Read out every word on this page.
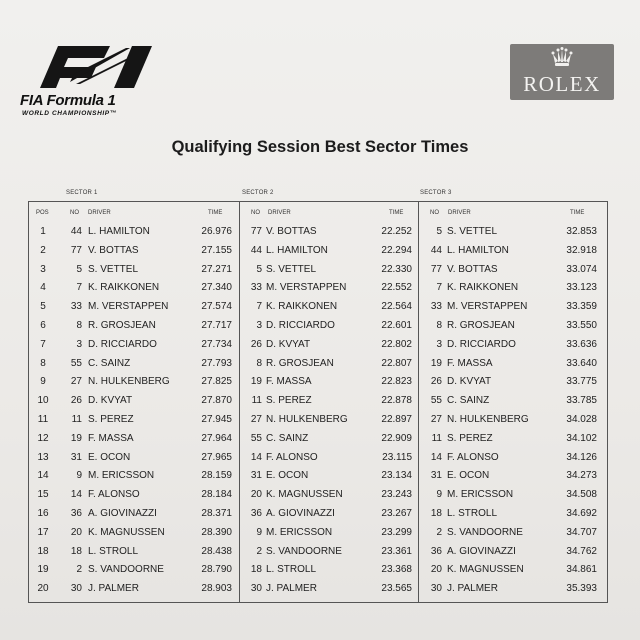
FIA Formula 1
WORLD CHAMPIONSHIP™
ROLEX
Qualifying Session Best Sector Times
SECTOR 1	SECTOR 2	SECTOR 3
POS	NO DRIVER	TIME	NO DRIVER	TIME	NO DRIVER	TIME
1	44 L. HAMILTON	26.976	77 V. BOTTAS	22.252	5 S. VETTEL	32.853
2	77 V. BOTTAS	27.155	44 L. HAMILTON	22.294	44 L. HAMILTON	32.918
3	5 S. VETTEL	27.271	5 S. VETTEL	22.330	77 V. BOTTAS	33.074
4	7 K. RAIKKONEN	27.340	33 M. VERSTAPPEN	22.552	7 K. RAIKKONEN	33.123
5	33 M. VERSTAPPEN	27.574	7 K. RAIKKONEN	22.564	33 M. VERSTAPPEN	33.359
6	8 R. GROSJEAN	27.717	3 D. RICCIARDO	22.601	8 R. GROSJEAN	33.550
7	3 D. RICCIARDO	27.734	26 D. KVYAT	22.802	3 D. RICCIARDO	33.636
8	55 C. SAINZ	27.793	8 R. GROSJEAN	22.807	19 F. MASSA	33.640
9	27 N. HULKENBERG	27.825	19 F. MASSA	22.823	26 D. KVYAT	33.775
10	26 D. KVYAT	27.870	11 S. PEREZ	22.878	55 C. SAINZ	33.785
11	11 S. PEREZ	27.945	27 N. HULKENBERG	22.897	27 N. HULKENBERG	34.028
12	19 F. MASSA	27.964	55 C. SAINZ	22.909	11 S. PEREZ	34.102
13	31 E. OCON	27.965	14 F. ALONSO	23.115	14 F. ALONSO	34.126
14	9 M. ERICSSON	28.159	31 E. OCON	23.134	31 E. OCON	34.273
15	14 F. ALONSO	28.184	20 K. MAGNUSSEN	23.243	9 M. ERICSSON	34.508
16	36 A. GIOVINAZZI	28.371	36 A. GIOVINAZZI	23.267	18 L. STROLL	34.692
17	20 K. MAGNUSSEN	28.390	9 M. ERICSSON	23.299	2 S. VANDOORNE	34.707
18	18 L. STROLL	28.438	2 S. VANDOORNE	23.361	36 A. GIOVINAZZI	34.762
19	2 S. VANDOORNE	28.790	18 L. STROLL	23.368	20 K. MAGNUSSEN	34.861
20	30 J. PALMER	28.903	30 J. PALMER	23.565	30 J. PALMER	35.393
